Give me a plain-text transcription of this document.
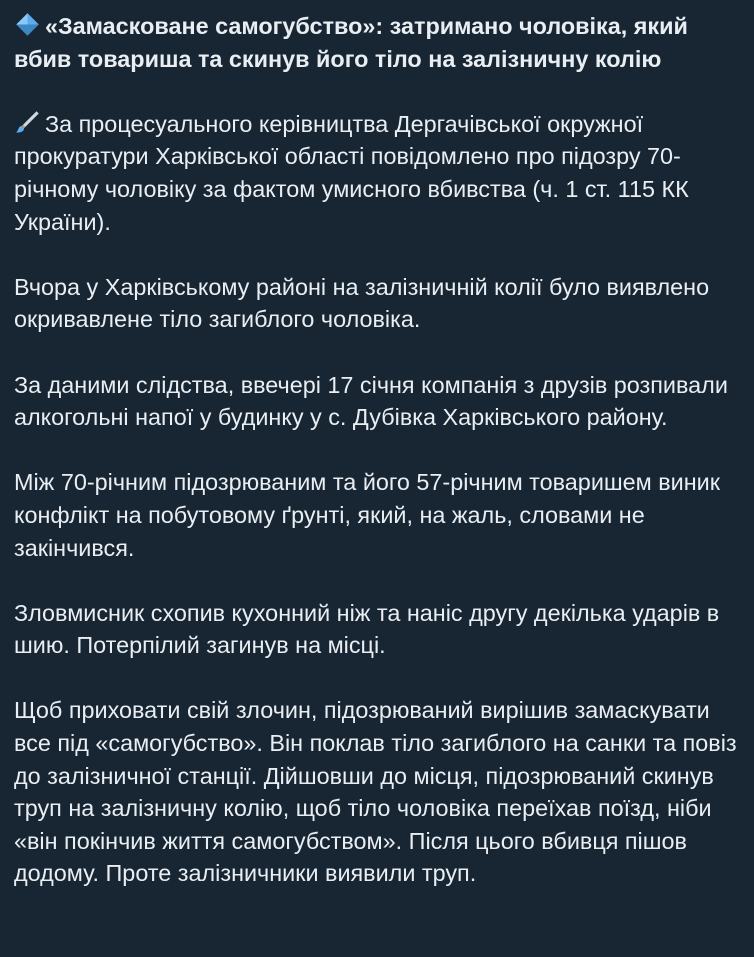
«Замасковане самогубство»: затримано чоловіка, який вбив товариша та скинув його тіло на залізничну колію

За процесуального керівництва Дергачівської окружної прокуратури Харківської області повідомлено про підозру 70-річному чоловіку за фактом умисного вбивства (ч. 1 ст. 115 КК України).

Вчора у Харківському районі на залізничній колії було виявлено окривавлене тіло загиблого чоловіка.

За даними слідства, ввечері 17 січня компанія з друзів розпивали алкогольні напої у будинку у с. Дубівка Харківського району.

Між 70-річним підозрюваним та його 57-річним товаришем виник конфлікт на побутовому ґрунті, який, на жаль, словами не закінчився.

Зловмисник схопив кухонний ніж та наніс другу декілька ударів в шию. Потерпілий загинув на місці.

Щоб приховати свій злочин, підозрюваний вирішив замаскувати все під «самогубство». Він поклав тіло загиблого на санки та повіз до залізничної станції. Дійшовши до місця, підозрюваний скинув труп на залізничну колію, щоб тіло чоловіка переїхав поїзд, ніби «він покінчив життя самогубством». Після цього вбивця пішов додому. Проте залізничники виявили труп.
